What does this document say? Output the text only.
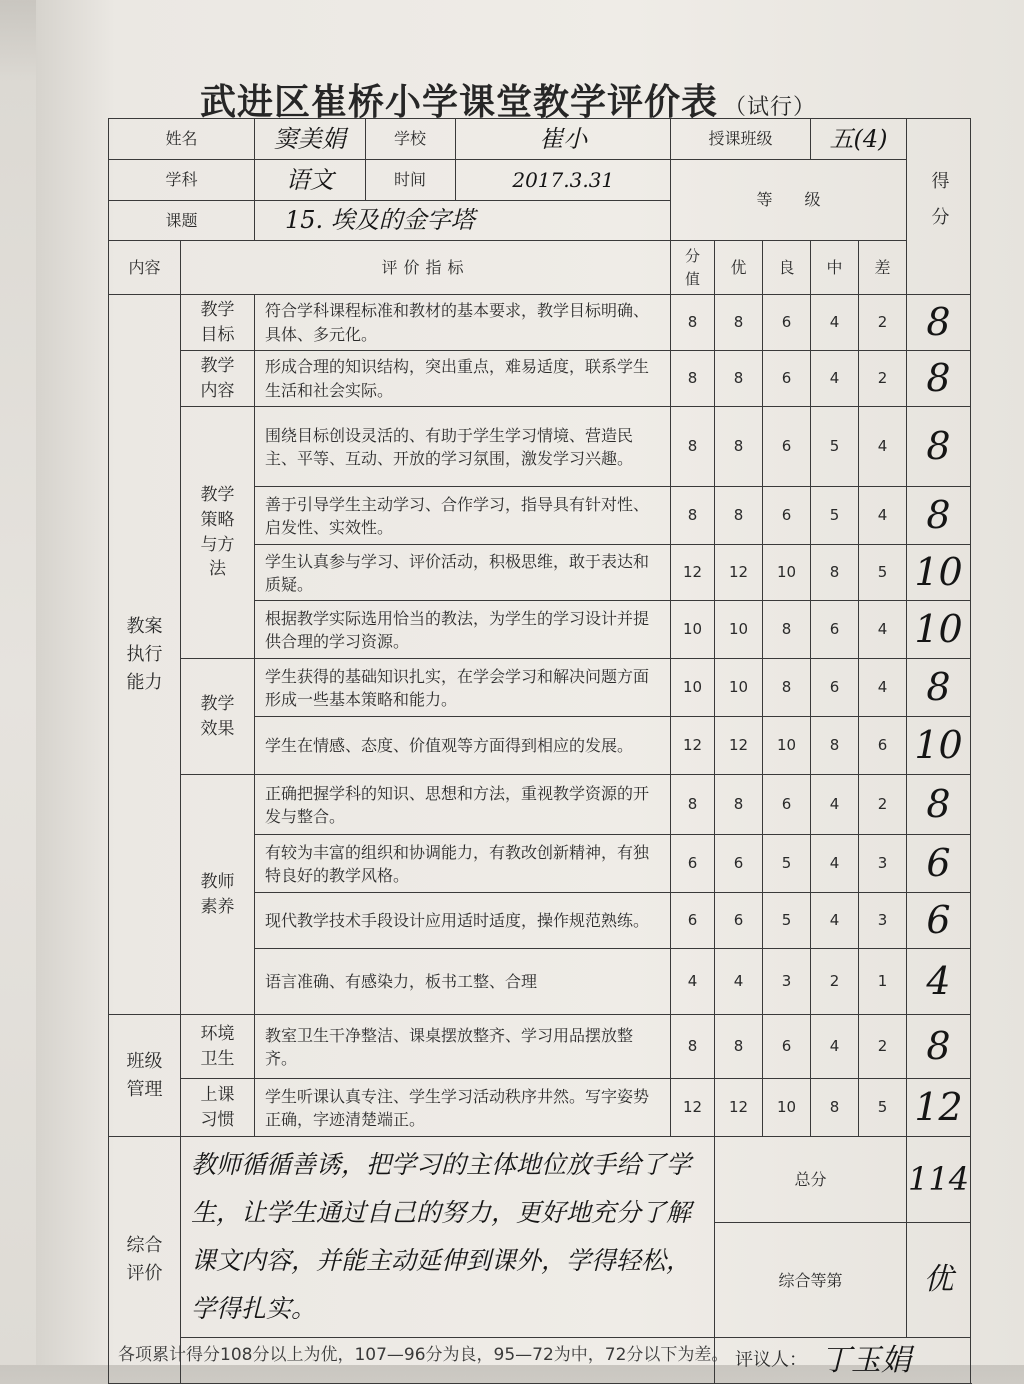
武进区崔桥小学课堂教学评价表 （试行）
姓名		窦美娟	学校	崔小
		授课班级	五(4)	得分
学科		语文	时间	2017.3.31
	等　　级
课题	15. 埃及的金字塔
内容	评价指标	分值	优	良	中	差
教案执行能力	教学目标	符合学科课程标准和教材的基本要求，教学目标明确、具体、多元化。	8	8	6	4	2	8
教学内容	形成合理的知识结构，突出重点，难易适度，联系学生生活和社会实际。	8	8	6	4	2	8
教学策略与方法	围绕目标创设灵活的、有助于学生学习情境、营造民主、平等、互动、开放的学习氛围，激发学习兴趣。	8	8	6	5	4	8
善于引导学生主动学习、合作学习，指导具有针对性、启发性、实效性。	8	8	6	5	4	8
学生认真参与学习、评价活动，积极思维，敢于表达和质疑。	12	12	10	8	5	10
根据教学实际选用恰当的教法，为学生的学习设计并提供合理的学习资源。	10	10	8	6	4	10
教学效果	学生获得的基础知识扎实，在学会学习和解决问题方面形成一些基本策略和能力。	10	10	8	6	4	8
学生在情感、态度、价值观等方面得到相应的发展。	12	12	10	8	6	10
教师素养	正确把握学科的知识、思想和方法，重视教学资源的开发与整合。	8	8	6	4	2	8
有较为丰富的组织和协调能力，有教改创新精神，有独特良好的教学风格。	6	6	5	4	3	6
现代教学技术手段设计应用适时适度，操作规范熟练。	6	6	5	4	3	6
语言准确、有感染力，板书工整、合理	4	4	3	2	1	4
班级管理	环境卫生	教室卫生干净整洁、课桌摆放整齐、学习用品摆放整齐。	8	8	6	4	2	8
上课习惯	学生听课认真专注、学生学习活动秩序井然。写字姿势正确，字迹清楚端正。	12	12	10	8	5	12
综合评价	教师循循善诱，把学习的主体地位放手给了学生，让学生通过自己的努力，更好地充分了解课文内容，并能主动延伸到课外，学得轻松，学得扎实。	总分	114
综合等第	优
	评议人： 丁玉娟	
各项累计得分108分以上为优，107—96分为良，95—72为中，72分以下为差。
